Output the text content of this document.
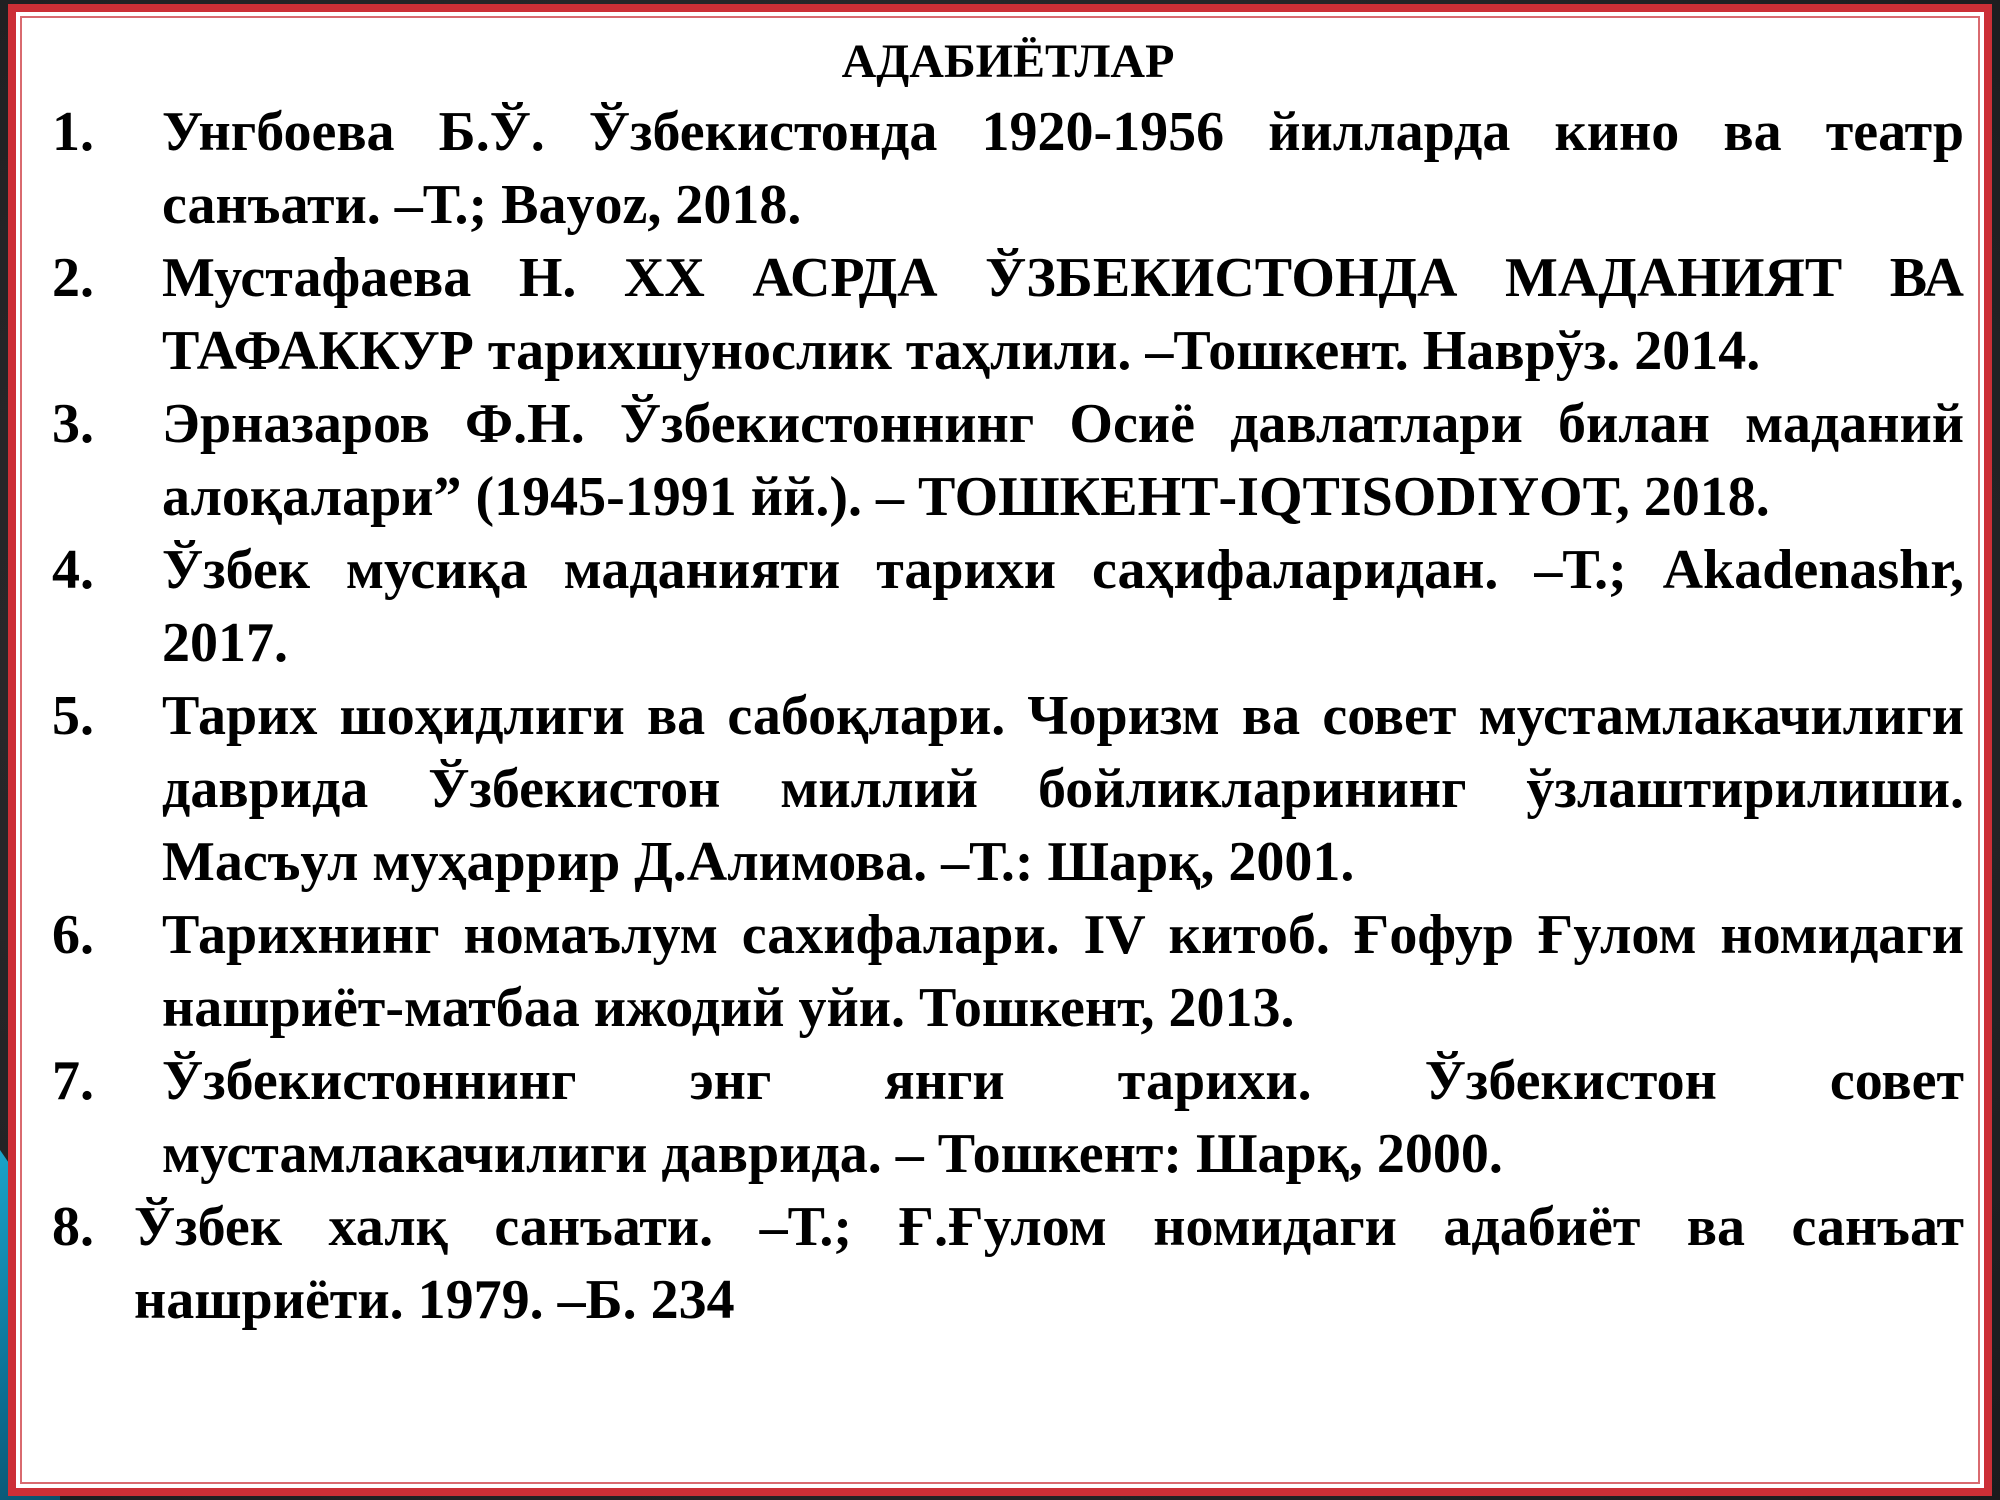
АДАБИЁТЛАР
1. Унгбоева Б.Ў. Ўзбекистонда 1920-1956 йилларда кино ва театр санъати. –Т.; Bayoz, 2018.
2. Мустафаева Н. XX АСРДА ЎЗБЕКИСТОНДА МАДАНИЯТ ВА ТАФАККУР тарихшунослик таҳлили. –Тошкент. Наврўз. 2014.
3. Эрназаров Ф.Н. Ўзбекистоннинг Осиё давлатлари билан маданий алоқалари” (1945-1991 йй.). – ТОШКЕНТ-IQTISODIYOT, 2018.
4. Ўзбек мусиқа маданияти тарихи саҳифаларидан. –Т.; Akadenashr, 2017.
5. Тарих шоҳидлиги ва сабоқлари. Чоризм ва совет мустамлакачилиги даврида Ўзбекистон миллий бойликларининг ўзлаштирилиши. Масъул муҳаррир Д.Алимова. –Т.: Шарқ, 2001.
6. Тарихнинг номаълум сахифалари. IV китоб. Ғофур Ғулом номидаги нашриёт-матбаа ижодий уйи. Тошкент, 2013.
7. Ўзбекистоннинг энг янги тарихи. Ўзбекистон совет мустамлакачилиги даврида. – Тошкент: Шарқ, 2000.
8. Ўзбек халқ санъати. –Т.; Ғ.Ғулом номидаги адабиёт ва санъат нашриёти. 1979. –Б. 234
